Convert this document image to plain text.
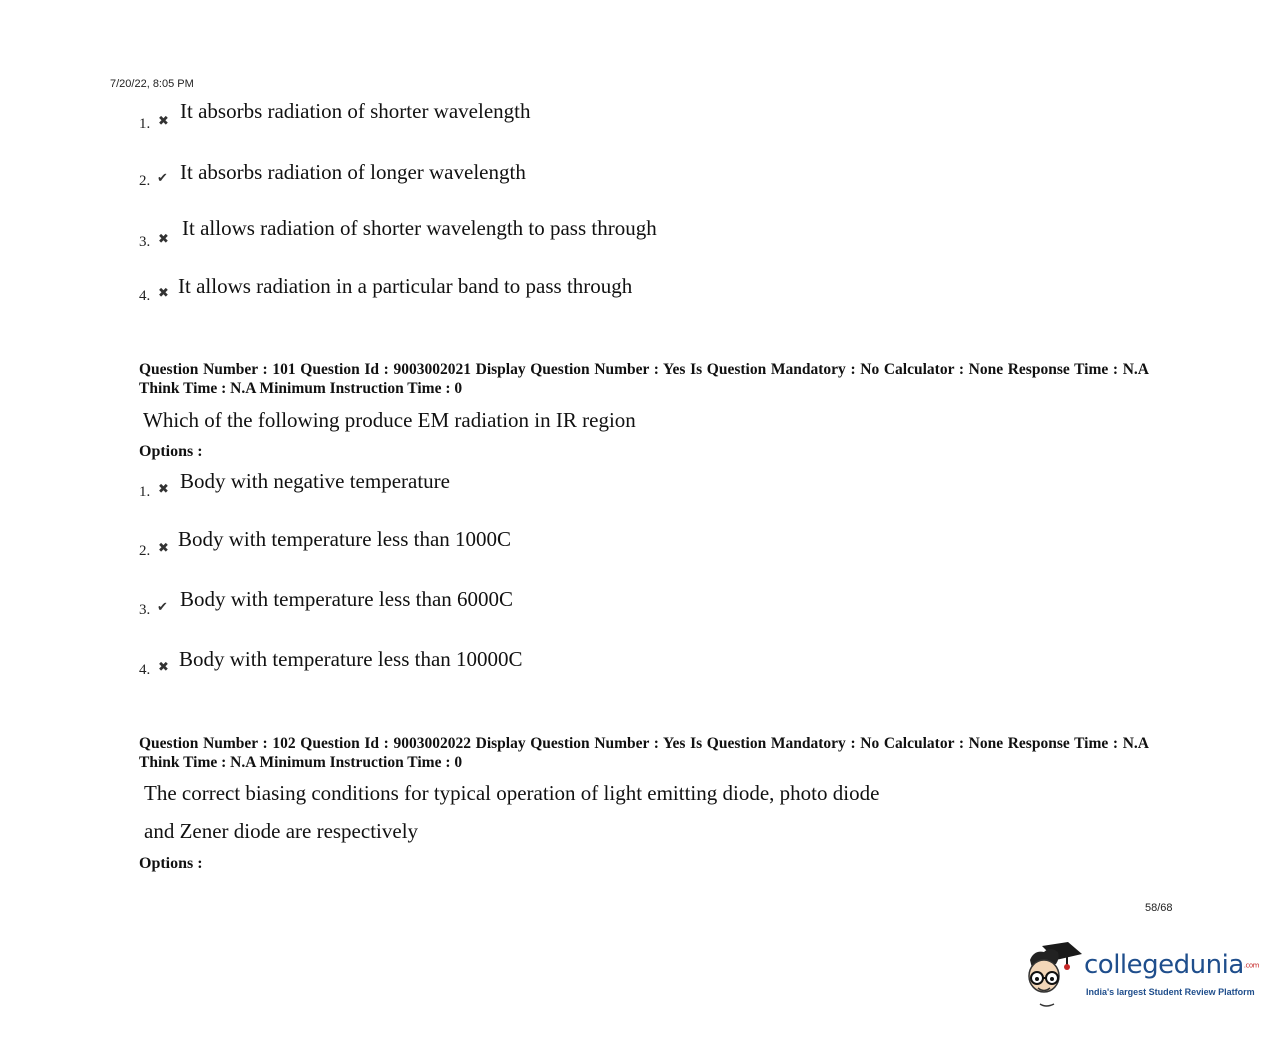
7/20/22, 8:05 PM
1. ✖ It absorbs radiation of shorter wavelength
2. ✔ It absorbs radiation of longer wavelength
3. ✖ It allows radiation of shorter wavelength to pass through
4. ✖ It allows radiation in a particular band to pass through
Question Number : 101 Question Id : 9003002021 Display Question Number : Yes Is Question Mandatory : No Calculator : None Response Time : N.A Think Time : N.A Minimum Instruction Time : 0
Which of the following produce EM radiation in IR region
Options :
1. ✖ Body with negative temperature
2. ✖ Body with temperature less than 1000C
3. ✔ Body with temperature less than 6000C
4. ✖ Body with temperature less than 10000C
Question Number : 102 Question Id : 9003002022 Display Question Number : Yes Is Question Mandatory : No Calculator : None Response Time : N.A Think Time : N.A Minimum Instruction Time : 0
The correct biasing conditions for typical operation of light emitting diode, photo diode
and Zener diode are respectively
Options :
58/68
collegedunia.com
India's largest Student Review Platform
